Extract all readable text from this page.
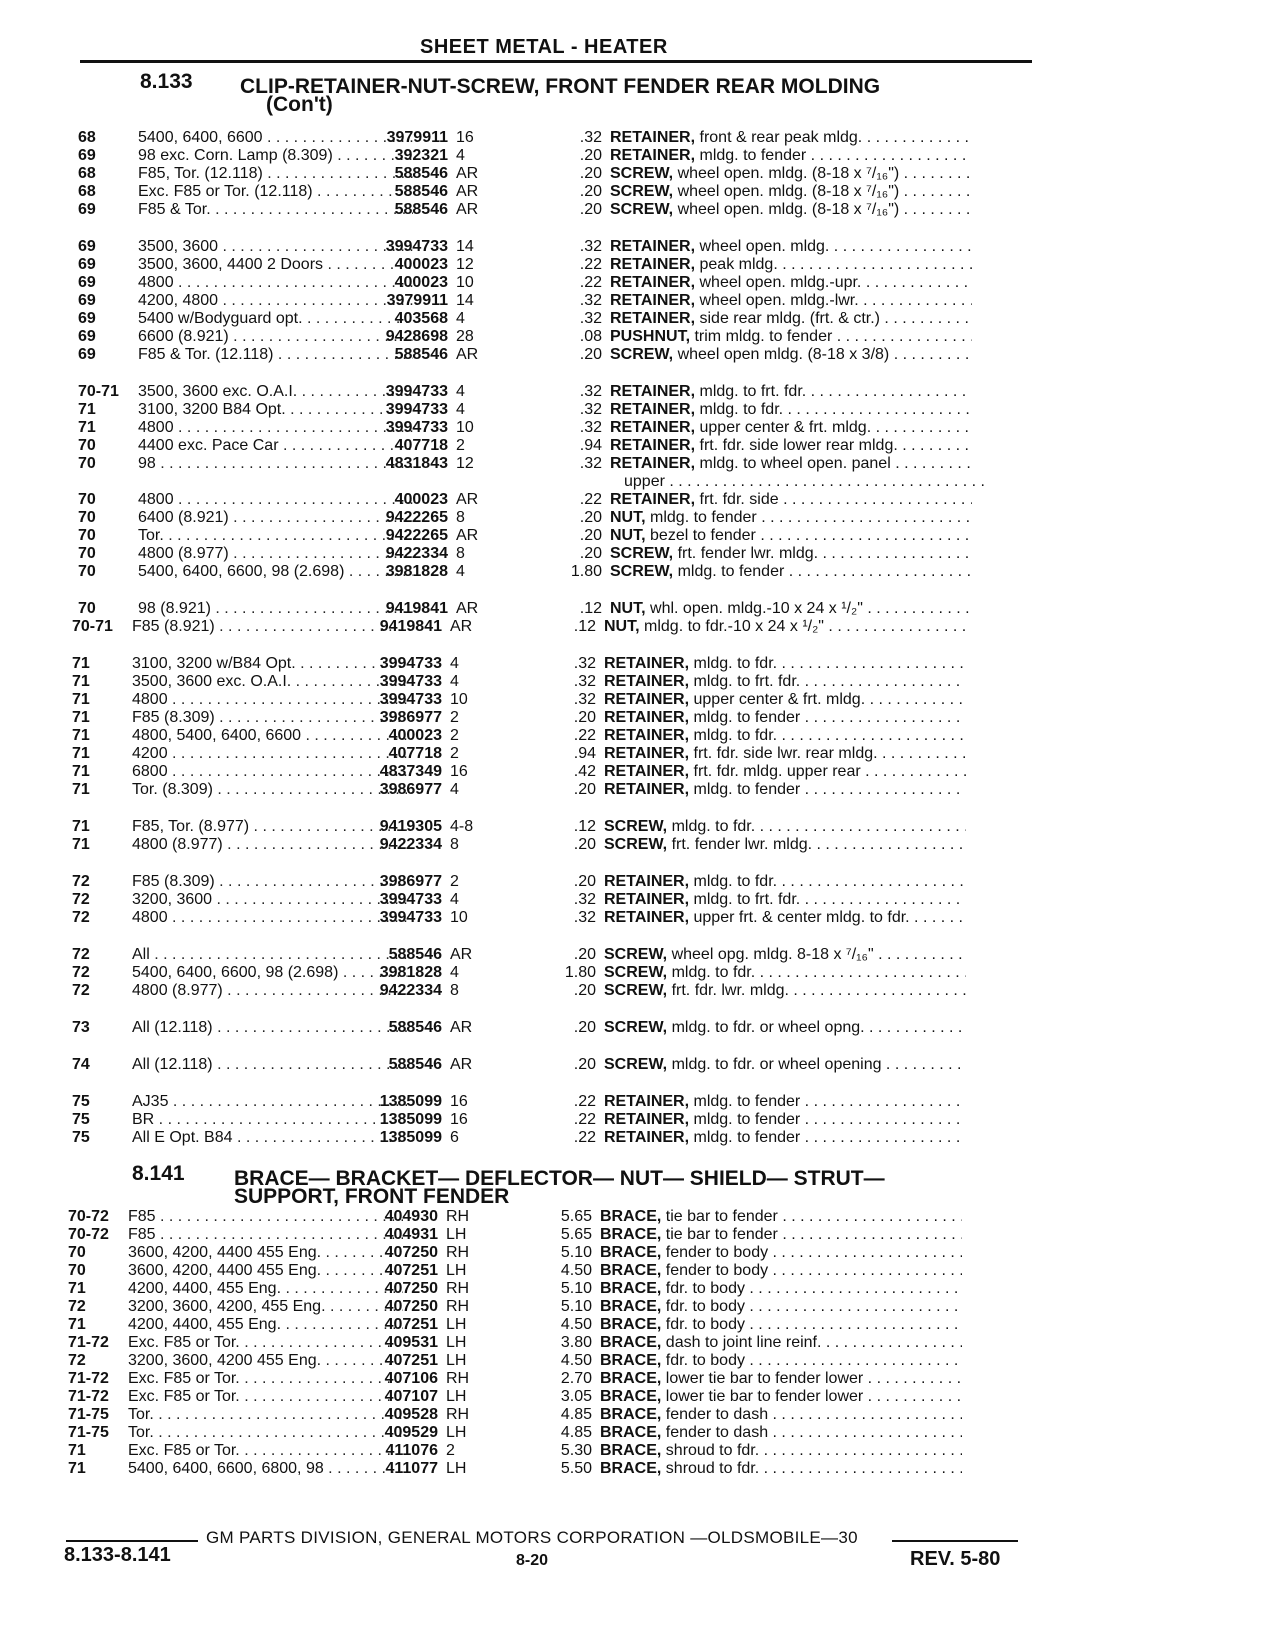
SHEET METAL - HEATER
8.133 CLIP-RETAINER-NUT-SCREW, FRONT FENDER REAR MOLDING
(Con't)
8.141 BRACE— BRACKET— DEFLECTOR— NUT— SHIELD— STRUT—
SUPPORT, FRONT FENDER
68	5400, 6400, 6600 . . .	3979911 16	.32 RETAINER, front & rear peak mldg. . . .
69	98 exc. Corn. Lamp (8.309) . . .	392321 4	.20 RETAINER, mldg. to fender . . .
68	F85, Tor. (12.118) . . .	588546 AR	.20 SCREW, wheel open. mldg. (8-18 x ⁷/₁₆") . . .
68	Exc. F85 or Tor. (12.118) . . .	588546 AR	.20 SCREW, wheel open. mldg. (8-18 x ⁷/₁₆") . . .
69	F85 & Tor. . . .	588546 AR	.20 SCREW, wheel open. mldg. (8-18 x ⁷/₁₆") . . .
69	3500, 3600 . . .	3994733 14	.32 RETAINER, wheel open. mldg. . . .
69	3500, 3600, 4400 2 Doors . . .	400023 12	.22 RETAINER, peak mldg. . . .
69	4800 . . .	400023 10	.22 RETAINER, wheel open. mldg.-upr. . . .
69	4200, 4800 . . .	3979911 14	.32 RETAINER, wheel open. mldg.-lwr. . . .
69	5400 w/Bodyguard opt. . . .	403568 4	.32 RETAINER, side rear mldg. (frt. & ctr.) . . .
69	6600 (8.921) . . .	9428698 28	.08 PUSHNUT, trim mldg. to fender . . .
69	F85 & Tor. (12.118) . . .	588546 AR	.20 SCREW, wheel open mldg. (8-18 x 3/8) . . .
70-71	3500, 3600 exc. O.A.I. . . .	3994733 4	.32 RETAINER, mldg. to frt. fdr. . . .
71	3100, 3200 B84 Opt. . . .	3994733 4	.32 RETAINER, mldg. to fdr. . . .
71	4800 . . .	3994733 10	.32 RETAINER, upper center & frt. mldg. . . .
70	4400 exc. Pace Car . . .	407718 2	.94 RETAINER, frt. fdr. side lower rear mldg. . . .
70	98 . . .	4831843 12	.32 RETAINER, mldg. to wheel open. panel . . .
upper . . .
70	4800 . . .	400023 AR	.22 RETAINER, frt. fdr. side . . .
70	6400 (8.921) . . .	9422265 8	.20 NUT, mldg. to fender . . .
70	Tor. . . .	9422265 AR	.20 NUT, bezel to fender . . .
70	4800 (8.977) . . .	9422334 8	.20 SCREW, frt. fender lwr. mldg. . . .
70	5400, 6400, 6600, 98 (2.698) . . .	3981828 4	1.80 SCREW, mldg. to fender . . .
70	98 (8.921) . . .	9419841 AR	.12 NUT, whl. open. mldg.-10 x 24 x ¹/₂" . . .
70-71	F85 (8.921) . . .	9419841 AR	.12 NUT, mldg. to fdr.-10 x 24 x ¹/₂" . . .
71	3100, 3200 w/B84 Opt. . . .	3994733 4	.32 RETAINER, mldg. to fdr. . . .
71	3500, 3600 exc. O.A.I. . . .	3994733 4	.32 RETAINER, mldg. to frt. fdr. . . .
71	4800 . . .	3994733 10	.32 RETAINER, upper center & frt. mldg. . . .
71	F85 (8.309) . . .	3986977 2	.20 RETAINER, mldg. to fender . . .
71	4800, 5400, 6400, 6600 . . .	400023 2	.22 RETAINER, mldg. to fdr. . . .
71	4200 . . .	407718 2	.94 RETAINER, frt. fdr. side lwr. rear mldg. . . .
71	6800 . . .	4837349 16	.42 RETAINER, frt. fdr. mldg. upper rear . . .
71	Tor. (8.309) . . .	3986977 4	.20 RETAINER, mldg. to fender . . .
71	F85, Tor. (8.977) . . .	9419305 4-8	.12 SCREW, mldg. to fdr. . . .
71	4800 (8.977) . . .	9422334 8	.20 SCREW, frt. fender lwr. mldg. . . .
72	F85 (8.309) . . .	3986977 2	.20 RETAINER, mldg. to fdr. . . .
72	3200, 3600 . . .	3994733 4	.32 RETAINER, mldg. to frt. fdr. . . .
72	4800 . . .	3994733 10	.32 RETAINER, upper frt. & center mldg. to fdr. . . .
72	All . . .	588546 AR	.20 SCREW, wheel opg. mldg. 8-18 x ⁷/₁₆" . . .
72	5400, 6400, 6600, 98 (2.698) . . .	3981828 4	1.80 SCREW, mldg. to fdr. . . .
72	4800 (8.977) . . .	9422334 8	.20 SCREW, frt. fdr. lwr. mldg. . . .
73	All (12.118) . . .	588546 AR	.20 SCREW, mldg. to fdr. or wheel opng. . . .
74	All (12.118) . . .	588546 AR	.20 SCREW, mldg. to fdr. or wheel opening . . .
75	AJ35 . . .	1385099 16	.22 RETAINER, mldg. to fender . . .
75	BR . . .	1385099 16	.22 RETAINER, mldg. to fender . . .
75	All E Opt. B84 . . .	1385099 6	.22 RETAINER, mldg. to fender . . .
70-72	F85 . . .	404930 RH	5.65 BRACE, tie bar to fender . . .
70-72	F85 . . .	404931 LH	5.65 BRACE, tie bar to fender . . .
70	3600, 4200, 4400 455 Eng. . . .	407250 RH	5.10 BRACE, fender to body . . .
70	3600, 4200, 4400 455 Eng. . . .	407251 LH	4.50 BRACE, fender to body . . .
71	4200, 4400, 455 Eng. . . .	407250 RH	5.10 BRACE, fdr. to body . . .
72	3200, 3600, 4200, 455 Eng. . . .	407250 RH	5.10 BRACE, fdr. to body . . .
71	4200, 4400, 455 Eng. . . .	407251 LH	4.50 BRACE, fdr. to body . . .
71-72	Exc. F85 or Tor. . . .	409531 LH	3.80 BRACE, dash to joint line reinf. . . .
72	3200, 3600, 4200 455 Eng. . . .	407251 LH	4.50 BRACE, fdr. to body . . .
71-72	Exc. F85 or Tor. . . .	407106 RH	2.70 BRACE, lower tie bar to fender lower . . .
71-72	Exc. F85 or Tor. . . .	407107 LH	3.05 BRACE, lower tie bar to fender lower . . .
71-75	Tor. . . .	409528 RH	4.85 BRACE, fender to dash . . .
71-75	Tor. . . .	409529 LH	4.85 BRACE, fender to dash . . .
71	Exc. F85 or Tor. . . .	411076 2	5.30 BRACE, shroud to fdr. . . .
71	5400, 6400, 6600, 6800, 98 . . .	411077 LH	5.50 BRACE, shroud to fdr. . . .
GM PARTS DIVISION, GENERAL MOTORS CORPORATION —OLDSMOBILE—30
8.133-8.141	8-20	REV. 5-80
